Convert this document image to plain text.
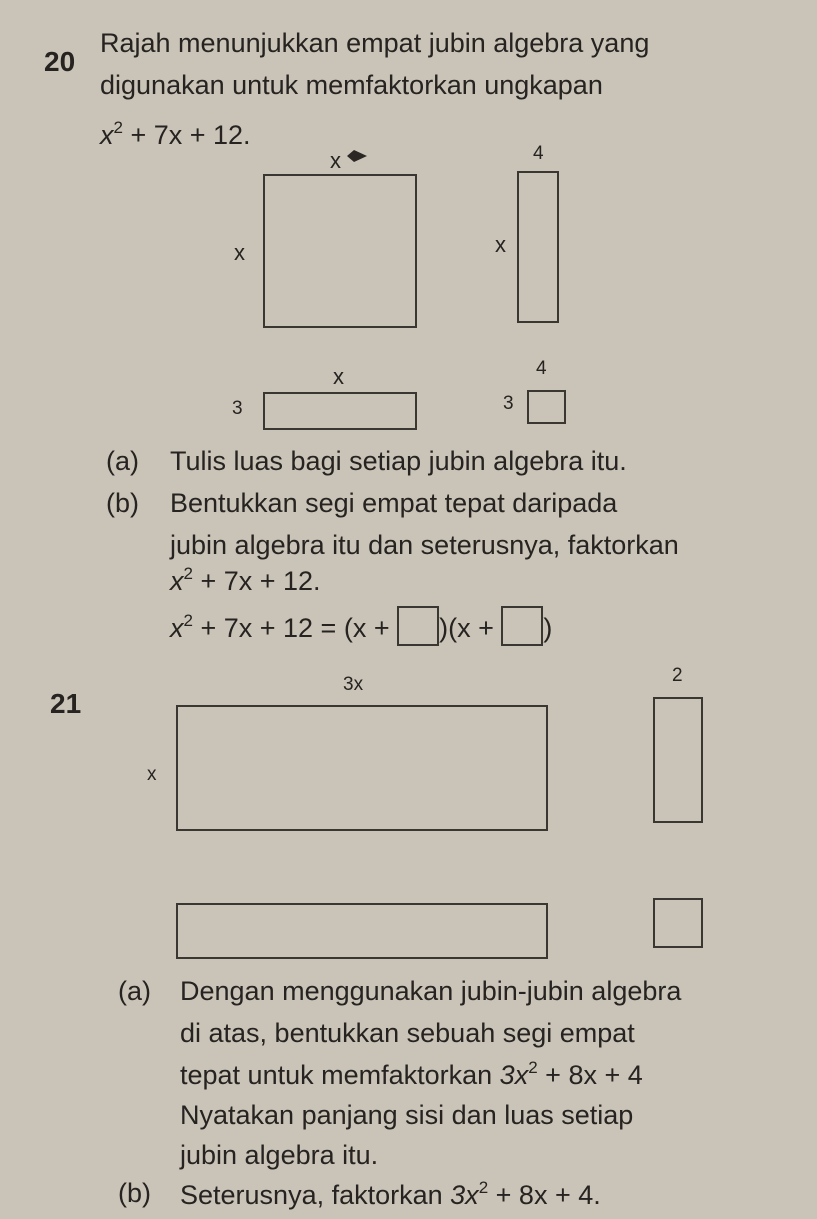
20
Rajah menunjukkan empat jubin algebra yang
digunakan untuk memfaktorkan ungkapan
$x^2 + 7x + 12$.
x
x
4
x
x
3
4
3
(a) Tulis luas bagi setiap jubin algebra itu.
(b) Bentukkan segi empat tepat daripada
jubin algebra itu dan seterusnya, faktorkan
$x^2 + 7x + 12$.
$x^2 + 7x + 12 = (x + )(x$ + )
21
3x
x
2
(a) Dengan menggunakan jubin-jubin algebra
di atas, bentukkan sebuah segi empat
tepat untuk memfaktorkan $3x^2 + 8x + 4$
Nyatakan panjang sisi dan luas setiap
jubin algebra itu.
(b) Seterusnya, faktorkan $3x^2 + 8x + 4$.
